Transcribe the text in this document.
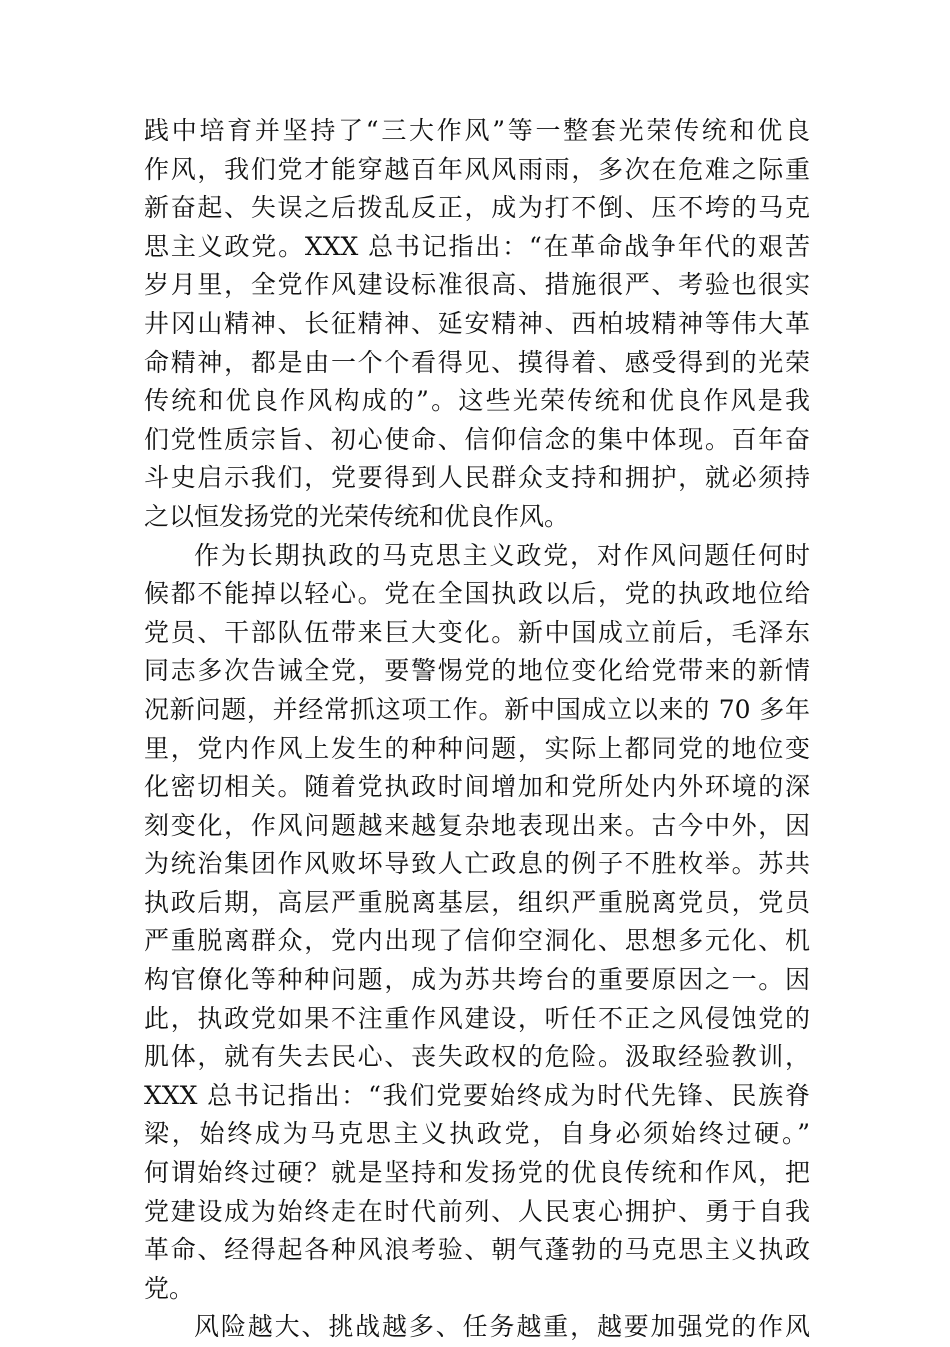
践中培育并坚持了“三大作风”等一整套光荣传统和优良
作风，我们党才能穿越百年风风雨雨，多次在危难之际重
新奋起、失误之后拨乱反正，成为打不倒、压不垮的马克
思主义政党。XXX 总书记指出：“在革命战争年代的艰苦
岁月里，全党作风建设标准很高、措施很严、考验也很实
井冈山精神、长征精神、延安精神、西柏坡精神等伟大革
命精神，都是由一个个看得见、摸得着、感受得到的光荣
传统和优良作风构成的”。这些光荣传统和优良作风是我
们党性质宗旨、初心使命、信仰信念的集中体现。百年奋
斗史启示我们，党要得到人民群众支持和拥护，就必须持
之以恒发扬党的光荣传统和优良作风。
作为长期执政的马克思主义政党，对作风问题任何时
候都不能掉以轻心。党在全国执政以后，党的执政地位给
党员、干部队伍带来巨大变化。新中国成立前后，毛泽东
同志多次告诫全党，要警惕党的地位变化给党带来的新情
况新问题，并经常抓这项工作。新中国成立以来的 70 多年
里，党内作风上发生的种种问题，实际上都同党的地位变
化密切相关。随着党执政时间增加和党所处内外环境的深
刻变化，作风问题越来越复杂地表现出来。古今中外，因
为统治集团作风败坏导致人亡政息的例子不胜枚举。苏共
执政后期，高层严重脱离基层，组织严重脱离党员，党员
严重脱离群众，党内出现了信仰空洞化、思想多元化、机
构官僚化等种种问题，成为苏共垮台的重要原因之一。因
此，执政党如果不注重作风建设，听任不正之风侵蚀党的
肌体，就有失去民心、丧失政权的危险。汲取经验教训，
XXX 总书记指出：“我们党要始终成为时代先锋、民族脊
梁，始终成为马克思主义执政党，自身必须始终过硬。”
何谓始终过硬？就是坚持和发扬党的优良传统和作风，把
党建设成为始终走在时代前列、人民衷心拥护、勇于自我
革命、经得起各种风浪考验、朝气蓬勃的马克思主义执政
党。
风险越大、挑战越多、任务越重，越要加强党的作风
